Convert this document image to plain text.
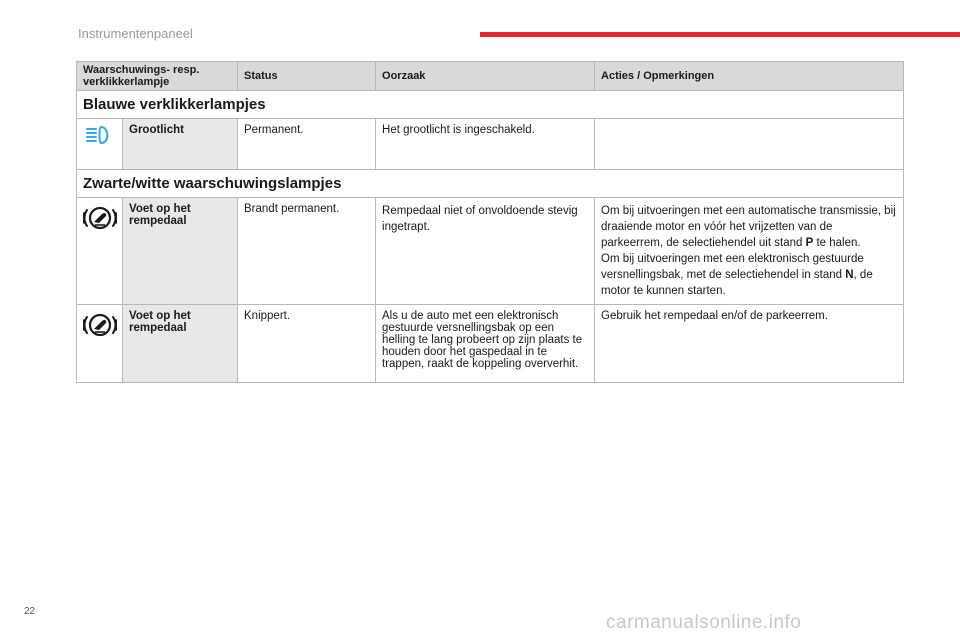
Instrumentenpaneel
Waarschuwings- resp. verklikkerlampje		Status	Oorzaak	Acties / Opmerkingen
Blauwe verklikkerlampjes				
	Grootlicht	Permanent.	Het grootlicht is ingeschakeld.	
Zwarte/witte waarschuwingslampjes				
	Voet op het rempedaal	Brandt permanent.	Rempedaal niet of onvoldoende stevig ingetrapt.	Om bij uitvoeringen met een automatische transmissie, bij draaiende motor en vóór het vrijzetten van de parkeerrem, de selectiehendel uit stand P te halen.
Om bij uitvoeringen met een elektronisch gestuurde versnellingsbak, met de selectiehendel in stand N, de motor te kunnen starten.

	Voet op het rempedaal	Knippert.	Als u de auto met een elektronisch gestuurde versnellingsbak op een helling te lang probeert op zijn plaats te houden door het gaspedaal in te trappen, raakt de koppeling oververhit.	Gebruik het rempedaal en/of de parkeerrem.
22
carmanualsonline.info
